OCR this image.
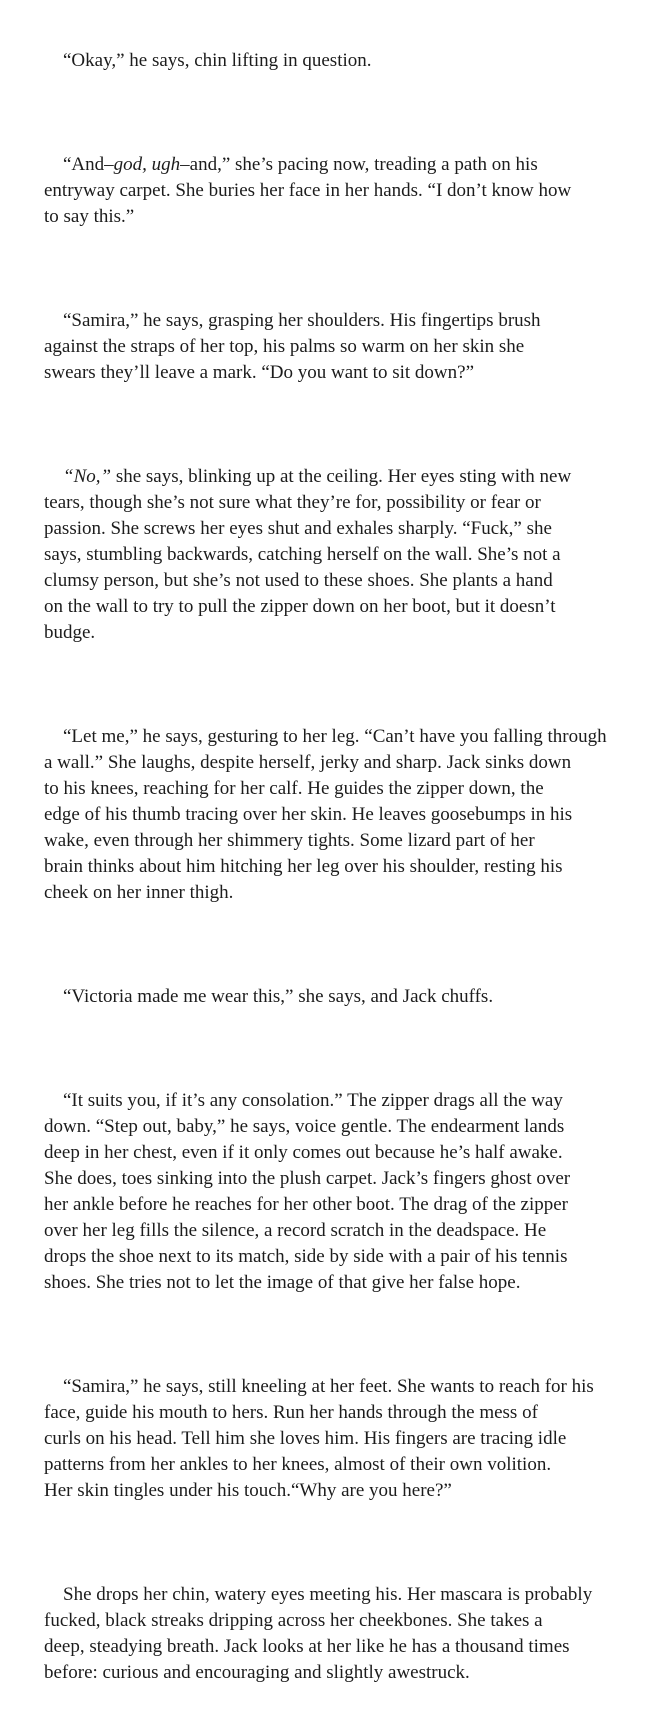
“Okay,” he says, chin lifting in question.

“And–god, ugh–and,” she’s pacing now, treading a path on his
entryway carpet. She buries her face in her hands. “I don’t know how
to say this.”

“Samira,” he says, grasping her shoulders. His fingertips brush
against the straps of her top, his palms so warm on her skin she
swears they’ll leave a mark. “Do you want to sit down?”

“No,” she says, blinking up at the ceiling. Her eyes sting with new
tears, though she’s not sure what they’re for, possibility or fear or
passion. She screws her eyes shut and exhales sharply. “Fuck,” she
says, stumbling backwards, catching herself on the wall. She’s not a
clumsy person, but she’s not used to these shoes. She plants a hand
on the wall to try to pull the zipper down on her boot, but it doesn’t
budge.

“Let me,” he says, gesturing to her leg. “Can’t have you falling through
a wall.” She laughs, despite herself, jerky and sharp. Jack sinks down
to his knees, reaching for her calf. He guides the zipper down, the
edge of his thumb tracing over her skin. He leaves goosebumps in his
wake, even through her shimmery tights. Some lizard part of her
brain thinks about him hitching her leg over his shoulder, resting his
cheek on her inner thigh.

“Victoria made me wear this,” she says, and Jack chuffs.

“It suits you, if it’s any consolation.” The zipper drags all the way
down. “Step out, baby,” he says, voice gentle. The endearment lands
deep in her chest, even if it only comes out because he’s half awake.
She does, toes sinking into the plush carpet. Jack’s fingers ghost over
her ankle before he reaches for her other boot. The drag of the zipper
over her leg fills the silence, a record scratch in the deadspace. He
drops the shoe next to its match, side by side with a pair of his tennis
shoes. She tries not to let the image of that give her false hope.

“Samira,” he says, still kneeling at her feet. She wants to reach for his
face, guide his mouth to hers. Run her hands through the mess of
curls on his head. Tell him she loves him. His fingers are tracing idle
patterns from her ankles to her knees, almost of their own volition.
Her skin tingles under his touch.“Why are you here?”

She drops her chin, watery eyes meeting his. Her mascara is probably
fucked, black streaks dripping across her cheekbones. She takes a
deep, steadying breath. Jack looks at her like he has a thousand times
before: curious and encouraging and slightly awestruck.
